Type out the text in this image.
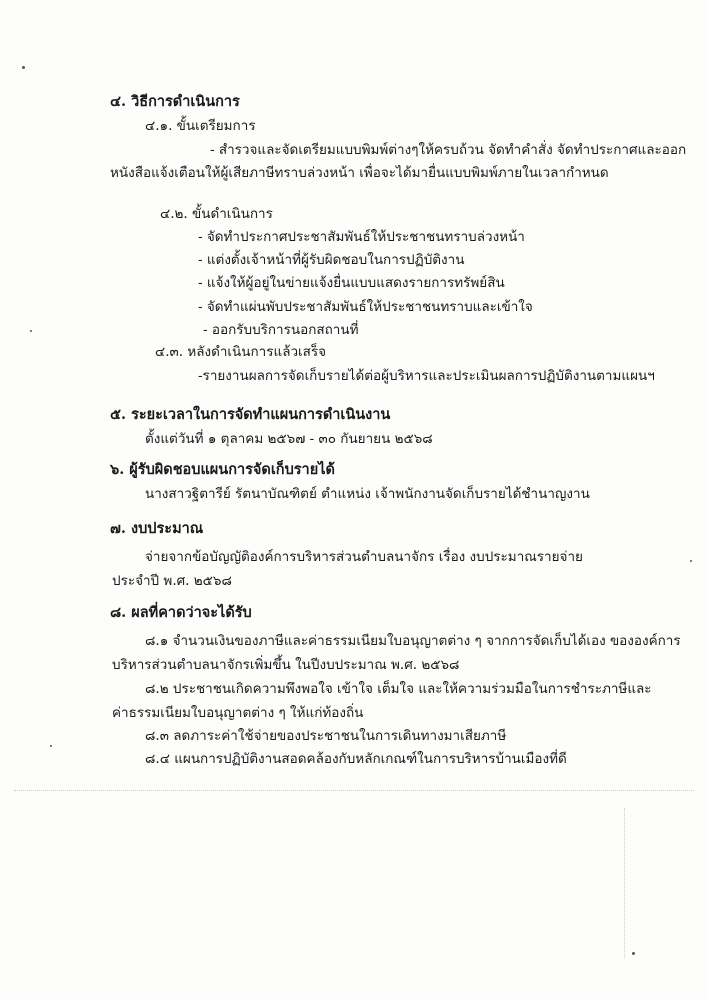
๔. วิธีการดำเนินการ
๔.๑. ขั้นเตรียมการ
- สำรวจและจัดเตรียมแบบพิมพ์ต่างๆให้ครบถ้วน จัดทำคำสั่ง จัดทำประกาศและออก
หนังสือแจ้งเตือนให้ผู้เสียภาษีทราบล่วงหน้า เพื่อจะได้มายื่นแบบพิมพ์ภายในเวลากำหนด
๔.๒. ขั้นดำเนินการ
- จัดทำประกาศประชาสัมพันธ์ให้ประชาชนทราบล่วงหน้า
- แต่งตั้งเจ้าหน้าที่ผู้รับผิดชอบในการปฏิบัติงาน
- แจ้งให้ผู้อยู่ในข่ายแจ้งยื่นแบบแสดงรายการทรัพย์สิน
- จัดทำแผ่นพับประชาสัมพันธ์ให้ประชาชนทราบและเข้าใจ
- ออกรับบริการนอกสถานที่
๔.๓. หลังดำเนินการแล้วเสร็จ
-รายงานผลการจัดเก็บรายได้ต่อผู้บริหารและประเมินผลการปฏิบัติงานตามแผนฯ
๕. ระยะเวลาในการจัดทำแผนการดำเนินงาน
ตั้งแต่วันที่ ๑ ตุลาคม ๒๕๖๗ - ๓๐ กันยายน ๒๕๖๘
๖. ผู้รับผิดชอบแผนการจัดเก็บรายได้
นางสาวฐิตารีย์ รัตนาบัณฑิตย์ ตำแหน่ง เจ้าพนักงานจัดเก็บรายได้ชำนาญงาน
๗. งบประมาณ
จ่ายจากข้อบัญญัติองค์การบริหารส่วนตำบลนาจักร เรื่อง งบประมาณรายจ่าย
ประจำปี พ.ศ. ๒๕๖๘
๘. ผลที่คาดว่าจะได้รับ
๘.๑ จำนวนเงินของภาษีและค่าธรรมเนียมใบอนุญาตต่าง ๆ จากการจัดเก็บได้เอง ขององค์การ
บริหารส่วนตำบลนาจักรเพิ่มขึ้น ในปีงบประมาณ พ.ศ. ๒๕๖๘
๘.๒ ประชาชนเกิดความพึงพอใจ เข้าใจ เต็มใจ และให้ความร่วมมือในการชำระภาษีและ
ค่าธรรมเนียมใบอนุญาตต่าง ๆ ให้แก่ท้องถิ่น
๘.๓ ลดภาระค่าใช้จ่ายของประชาชนในการเดินทางมาเสียภาษี
๘.๔ แผนการปฏิบัติงานสอดคล้องกับหลักเกณฑ์ในการบริหารบ้านเมืองที่ดี
